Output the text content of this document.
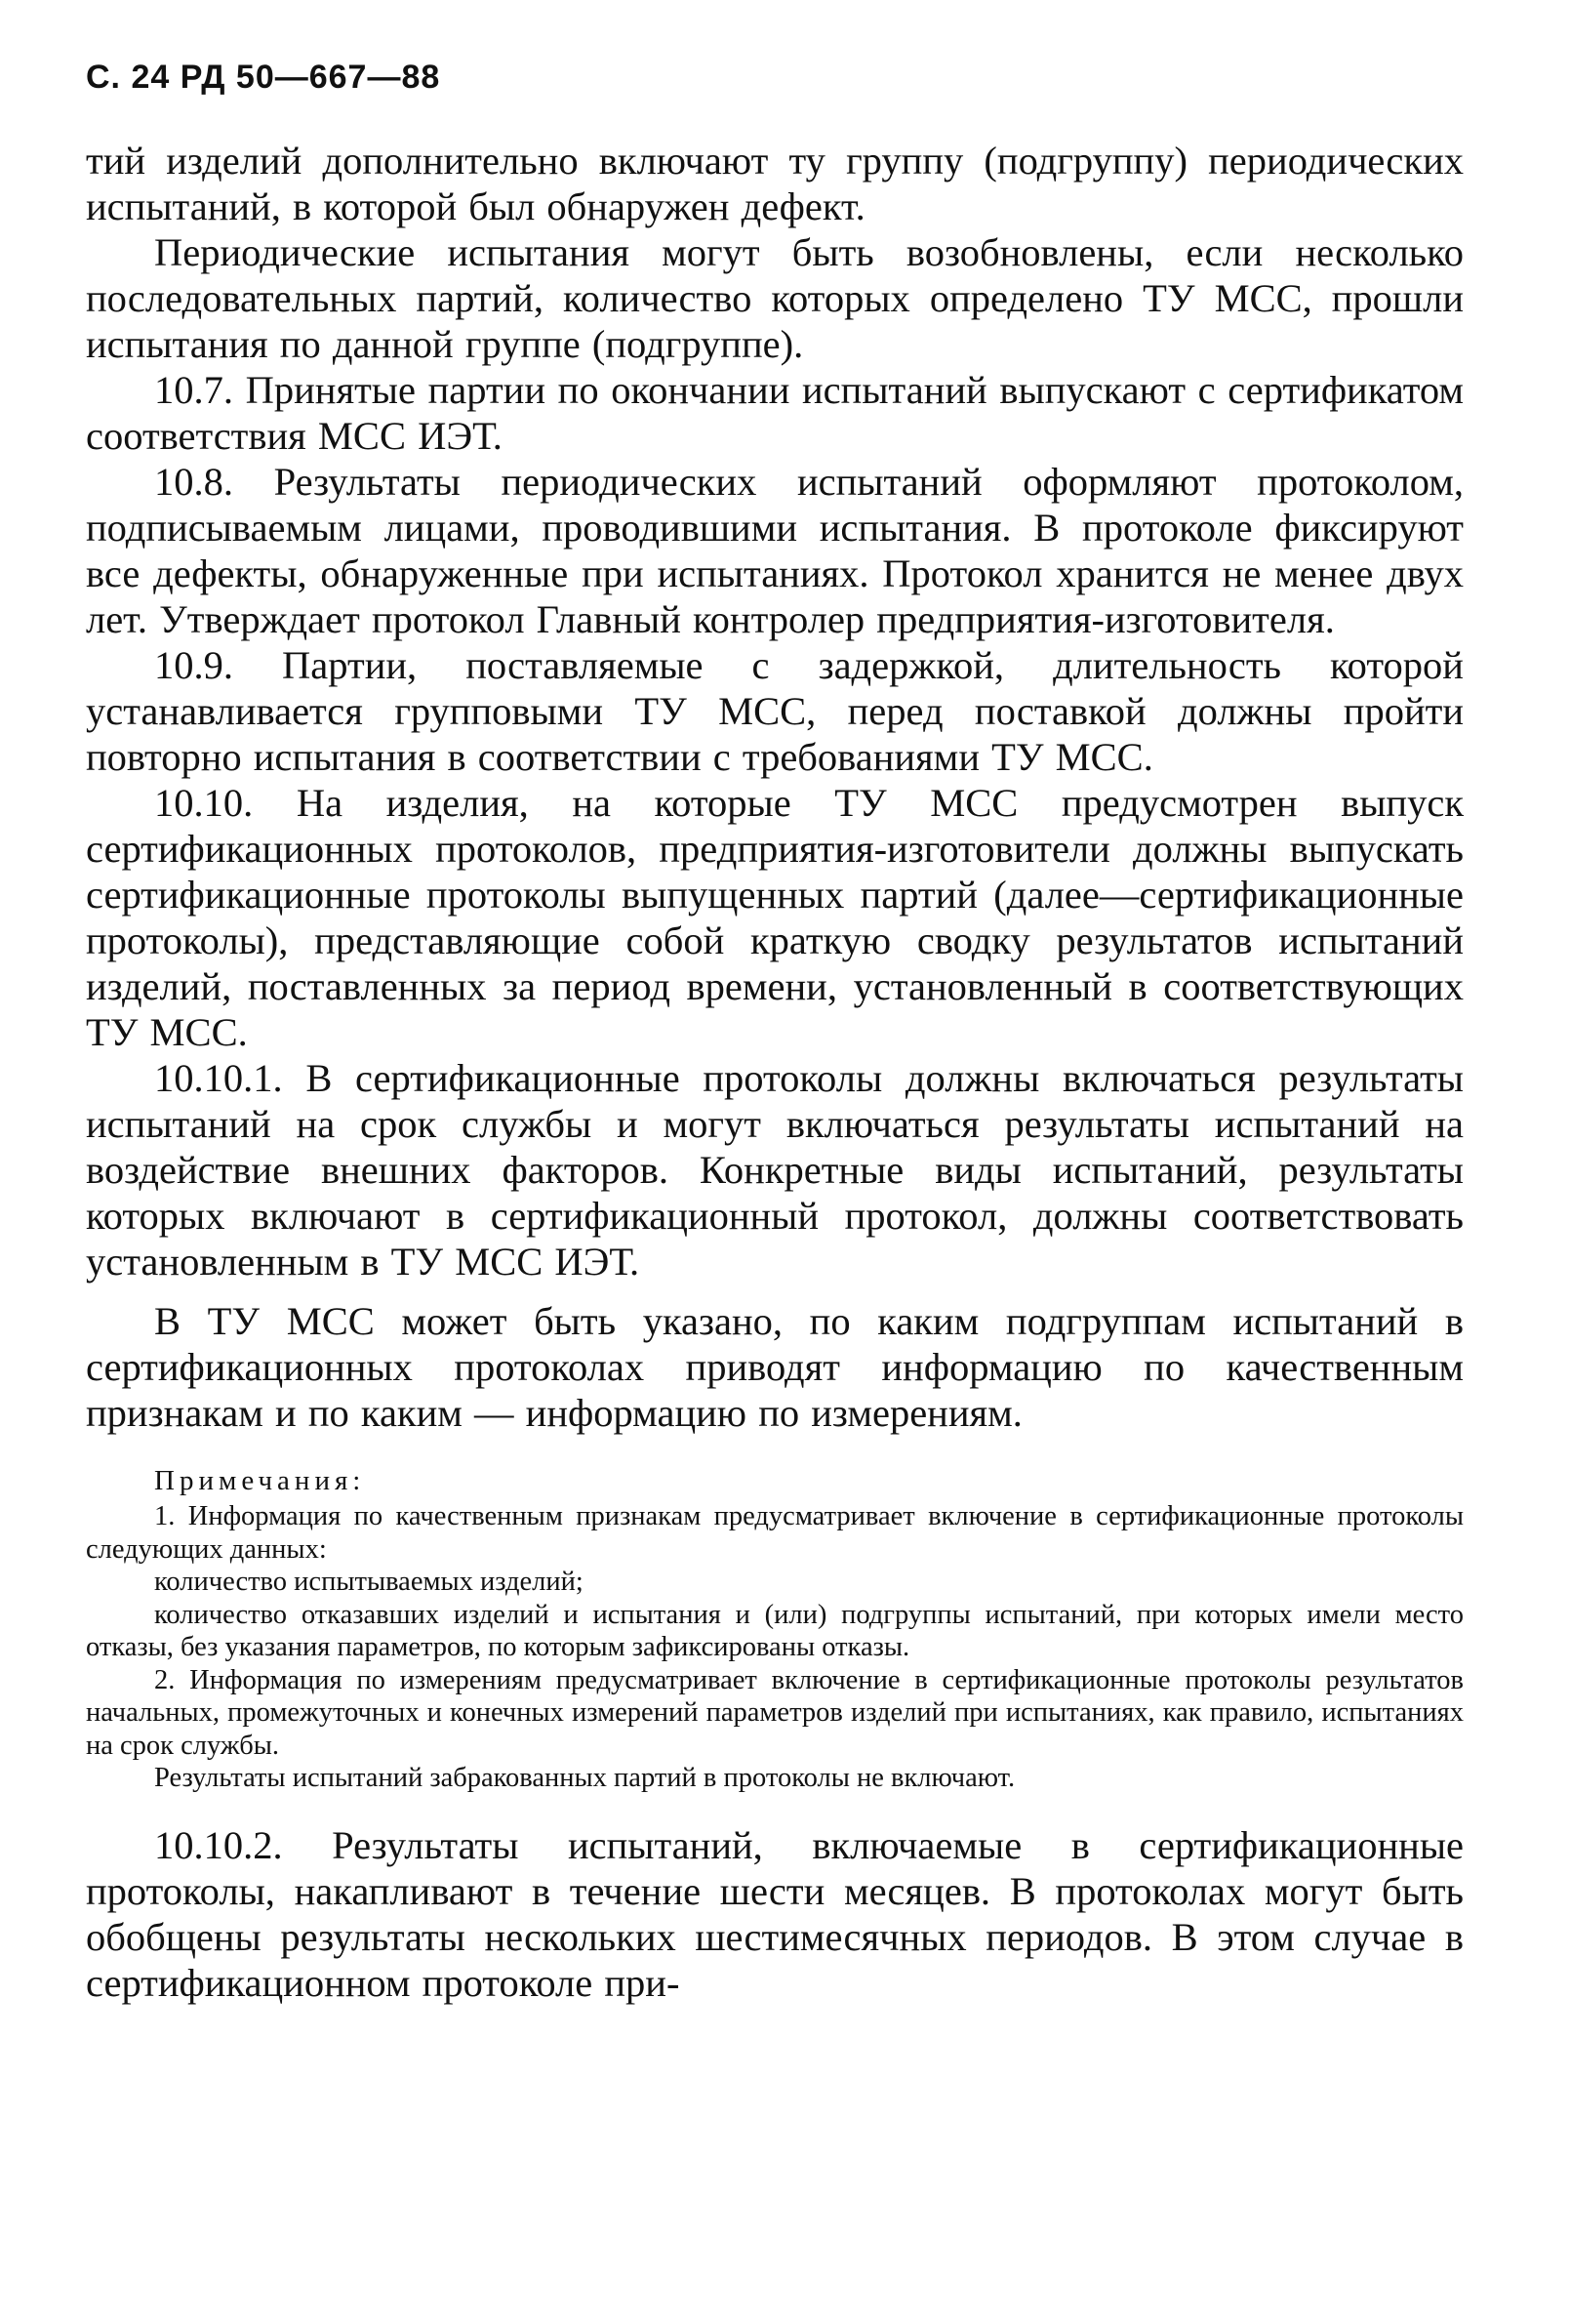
С. 24 РД 50—667—88

тий изделий дополнительно включают ту группу (подгруппу) периодических испытаний, в которой был обнаружен дефект.

Периодические испытания могут быть возобновлены, если несколько последовательных партий, количество которых определено ТУ МСС, прошли испытания по данной группе (подгруппе).

10.7. Принятые партии по окончании испытаний выпускают с сертификатом соответствия МСС ИЭТ.

10.8. Результаты периодических испытаний оформляют протоколом, подписываемым лицами, проводившими испытания. В протоколе фиксируют все дефекты, обнаруженные при испытаниях. Протокол хранится не менее двух лет. Утверждает протокол Главный контролер предприятия-изготовителя.

10.9. Партии, поставляемые с задержкой, длительность которой устанавливается групповыми ТУ МСС, перед поставкой должны пройти повторно испытания в соответствии с требованиями ТУ МСС.

10.10. На изделия, на которые ТУ МСС предусмотрен выпуск сертификационных протоколов, предприятия-изготовители должны выпускать сертификационные протоколы выпущенных партий (далее—сертификационные протоколы), представляющие собой краткую сводку результатов испытаний изделий, поставленных за период времени, установленный в соответствующих ТУ МСС.

10.10.1. В сертификационные протоколы должны включаться результаты испытаний на срок службы и могут включаться результаты испытаний на воздействие внешних факторов. Конкретные виды испытаний, результаты которых включают в сертификационный протокол, должны соответствовать установленным в ТУ МСС ИЭТ.

В ТУ МСС может быть указано, по каким подгруппам испытаний в сертификационных протоколах приводят информацию по качественным признакам и по каким — информацию по измерениям.

Примечания:

1. Информация по качественным признакам предусматривает включение в сертификационные протоколы следующих данных:

количество испытываемых изделий;

количество отказавших изделий и испытания и (или) подгруппы испытаний, при которых имели место отказы, без указания параметров, по которым зафиксированы отказы.

2. Информация по измерениям предусматривает включение в сертификационные протоколы результатов начальных, промежуточных и конечных измерений параметров изделий при испытаниях, как правило, испытаниях на срок службы.

Результаты испытаний забракованных партий в протоколы не включают.

10.10.2. Результаты испытаний, включаемые в сертификационные протоколы, накапливают в течение шести месяцев. В протоколах могут быть обобщены результаты нескольких шестимесячных периодов. В этом случае в сертификационном протоколе при-
